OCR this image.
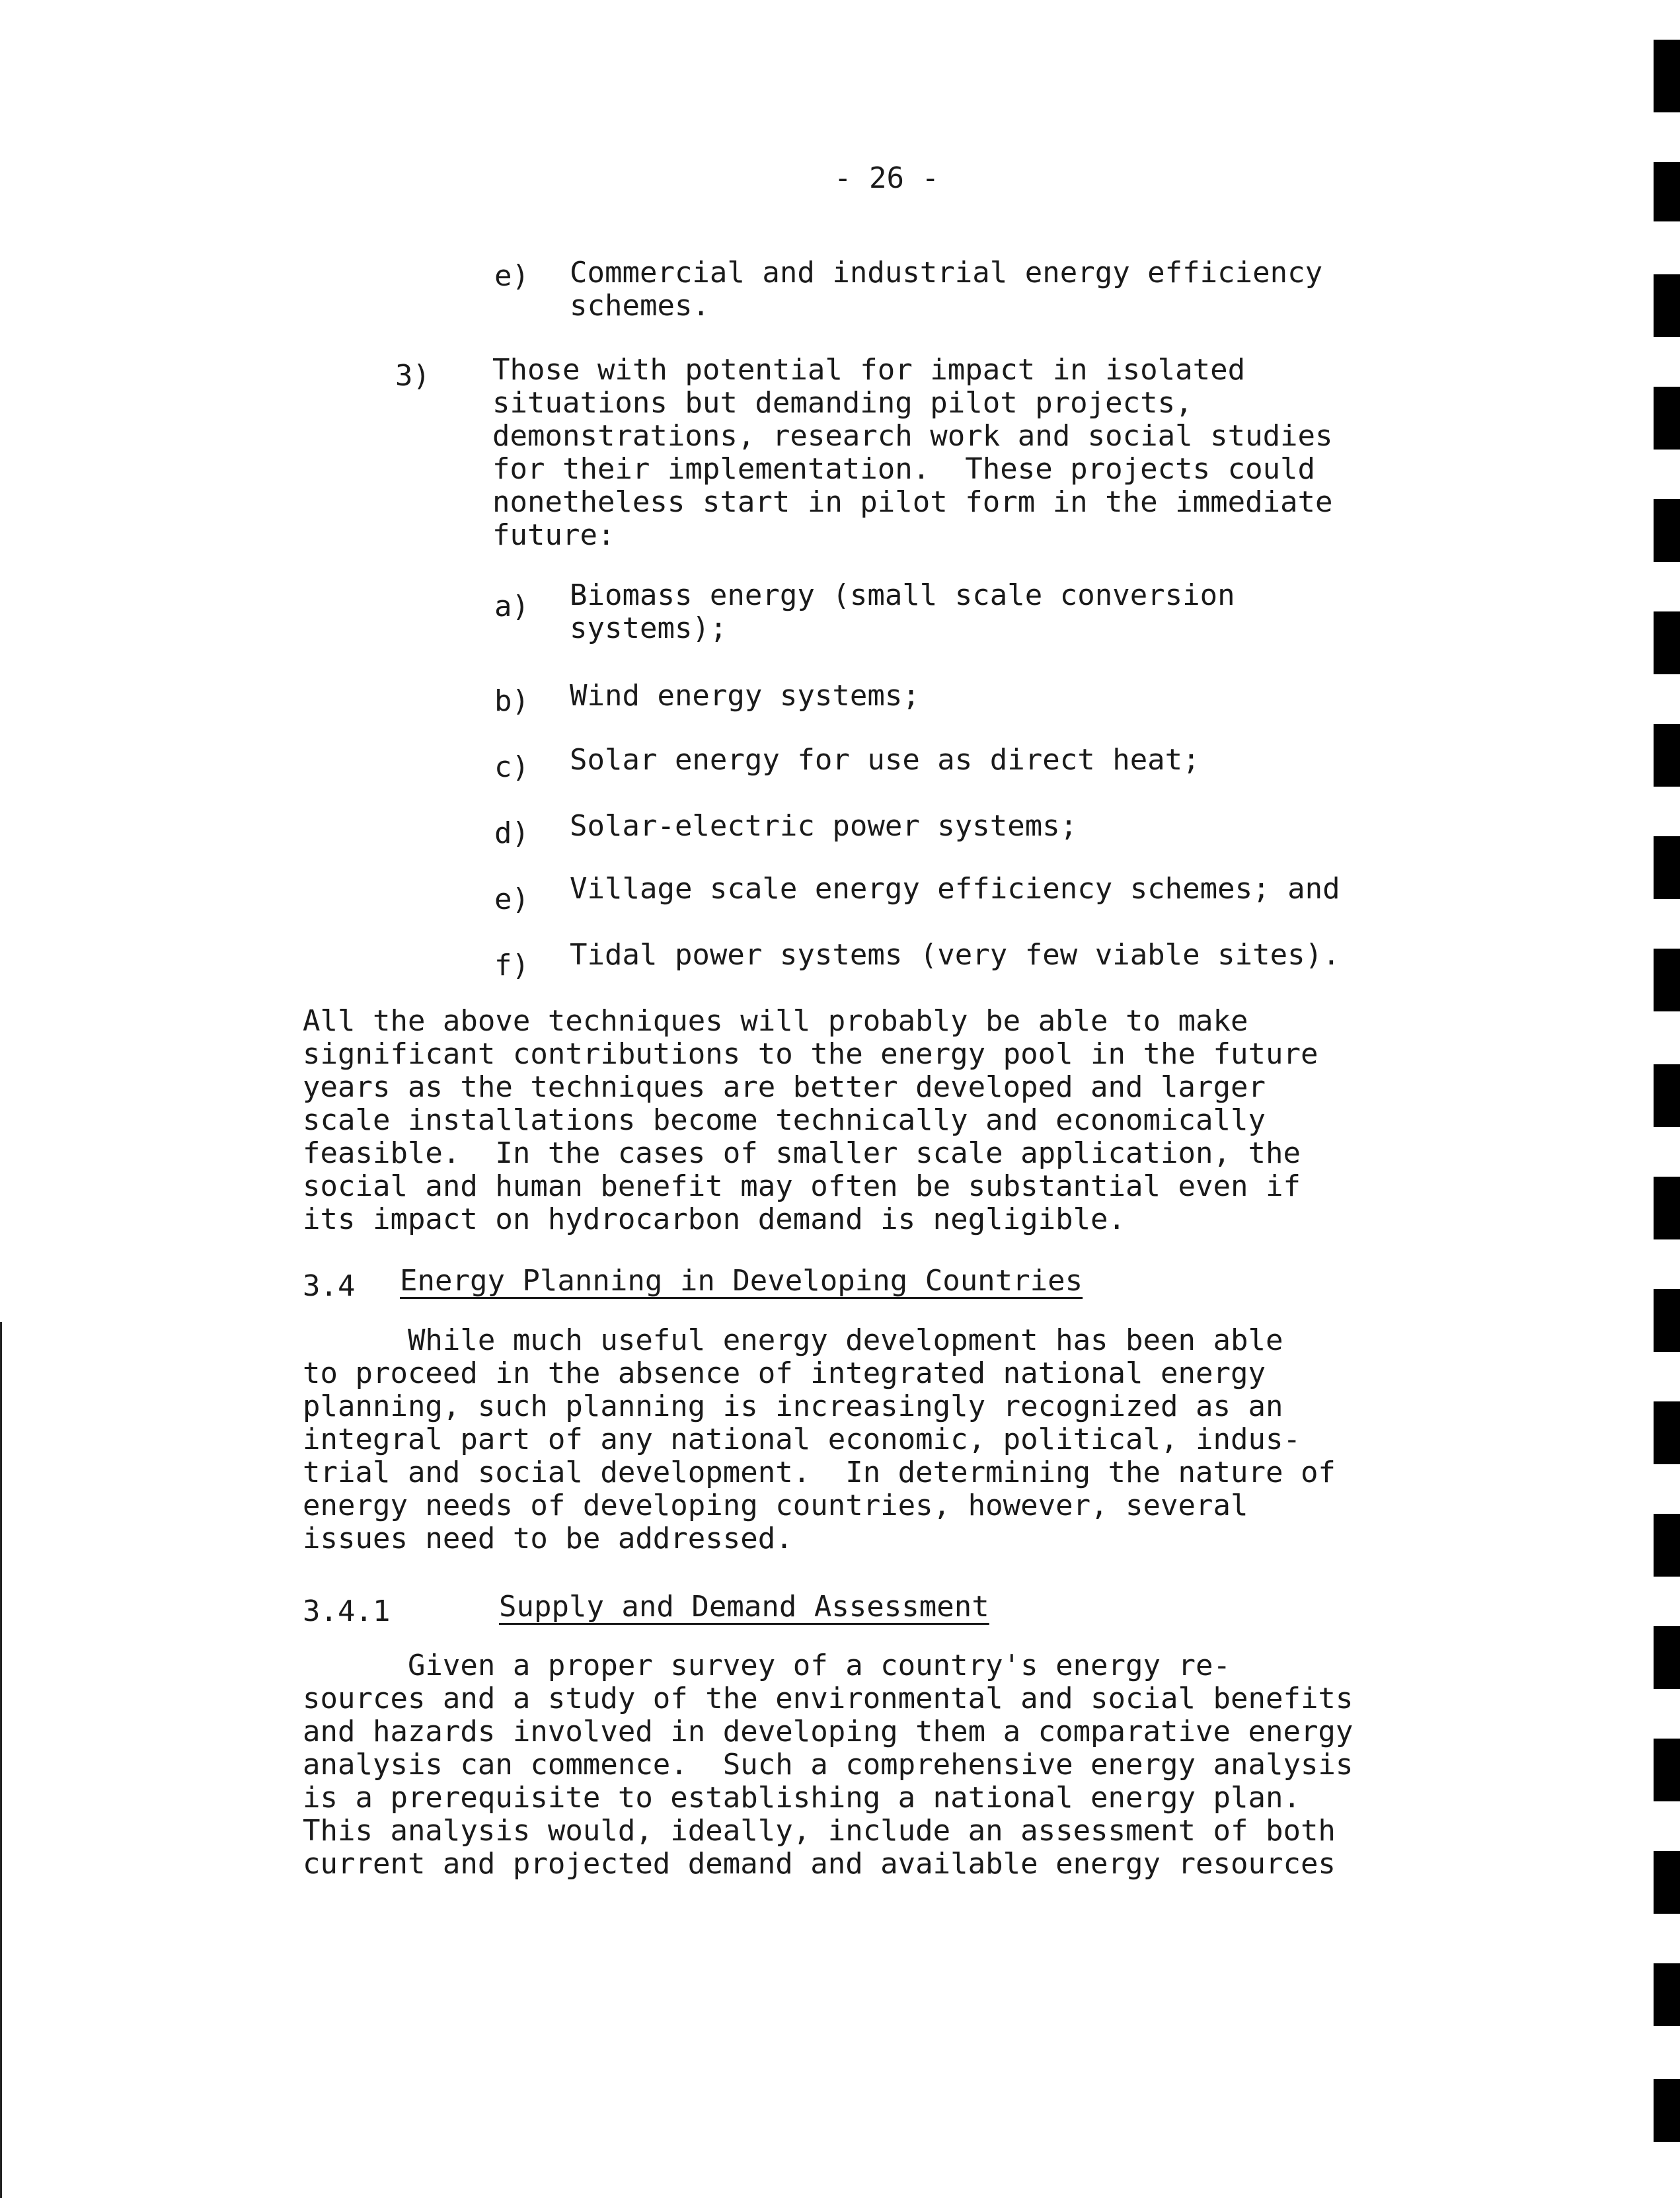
- 26 -
e) Commercial and industrial energy efficiency
schemes.
3) Those with potential for impact in isolated
situations but demanding pilot projects,
demonstrations, research work and social studies
for their implementation.  These projects could
nonetheless start in pilot form in the immediate
future:
a) Biomass energy (small scale conversion
systems);
b) Wind energy systems;
c) Solar energy for use as direct heat;
d) Solar-electric power systems;
e) Village scale energy efficiency schemes; and
f) Tidal power systems (very few viable sites).
All the above techniques will probably be able to make
significant contributions to the energy pool in the future
years as the techniques are better developed and larger
scale installations become technically and economically
feasible.  In the cases of smaller scale application, the
social and human benefit may often be substantial even if
its impact on hydrocarbon demand is negligible.
3.4 Energy Planning in Developing Countries
While much useful energy development has been able
to proceed in the absence of integrated national energy
planning, such planning is increasingly recognized as an
integral part of any national economic, political, indus-
trial and social development.  In determining the nature of
energy needs of developing countries, however, several
issues need to be addressed.
3.4.1	Supply and Demand Assessment
Given a proper survey of a country's energy re-
sources and a study of the environmental and social benefits
and hazards involved in developing them a comparative energy
analysis can commence.  Such a comprehensive energy analysis
is a prerequisite to establishing a national energy plan.
This analysis would, ideally, include an assessment of both
current and projected demand and available energy resources
